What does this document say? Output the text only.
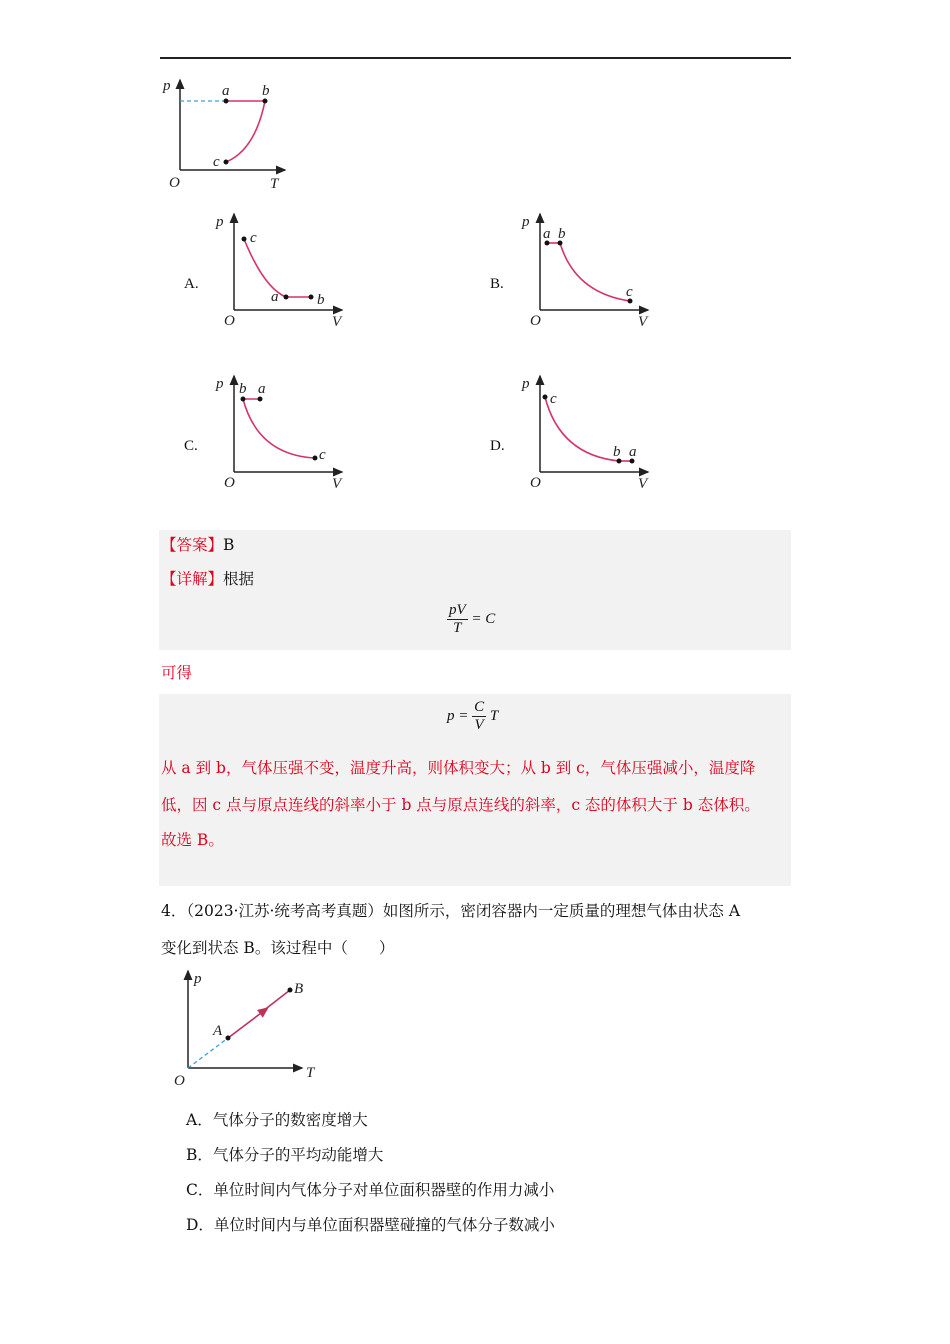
p
T
O
a b
c
A.
p
V
O
c
a	b
B.
p
V
O
a b
c
C.
p
V
O
b a
c
D.
p
V
O
c
b a
【答案】B
【详解】根据
$\frac{pV}{T} = C$
可得
$p = \frac{C}{V}$ T
从 a 到 b，气体压强不变，温度升高，则体积变大；从 b 到 c，气体压强减小，温度降
低，因 c 点与原点连线的斜率小于 b 点与原点连线的斜率，c 态的体积大于 b 态体积。
故选 B。
4．（2023·江苏·统考高考真题）如图所示，密闭容器内一定质量的理想气体由状态 A
变化到状态 B。该过程中（　　）
p
T
O
A
B
A．气体分子的数密度增大
B．气体分子的平均动能增大
C．单位时间内气体分子对单位面积器壁的作用力减小
D．单位时间内与单位面积器壁碰撞的气体分子数减小
